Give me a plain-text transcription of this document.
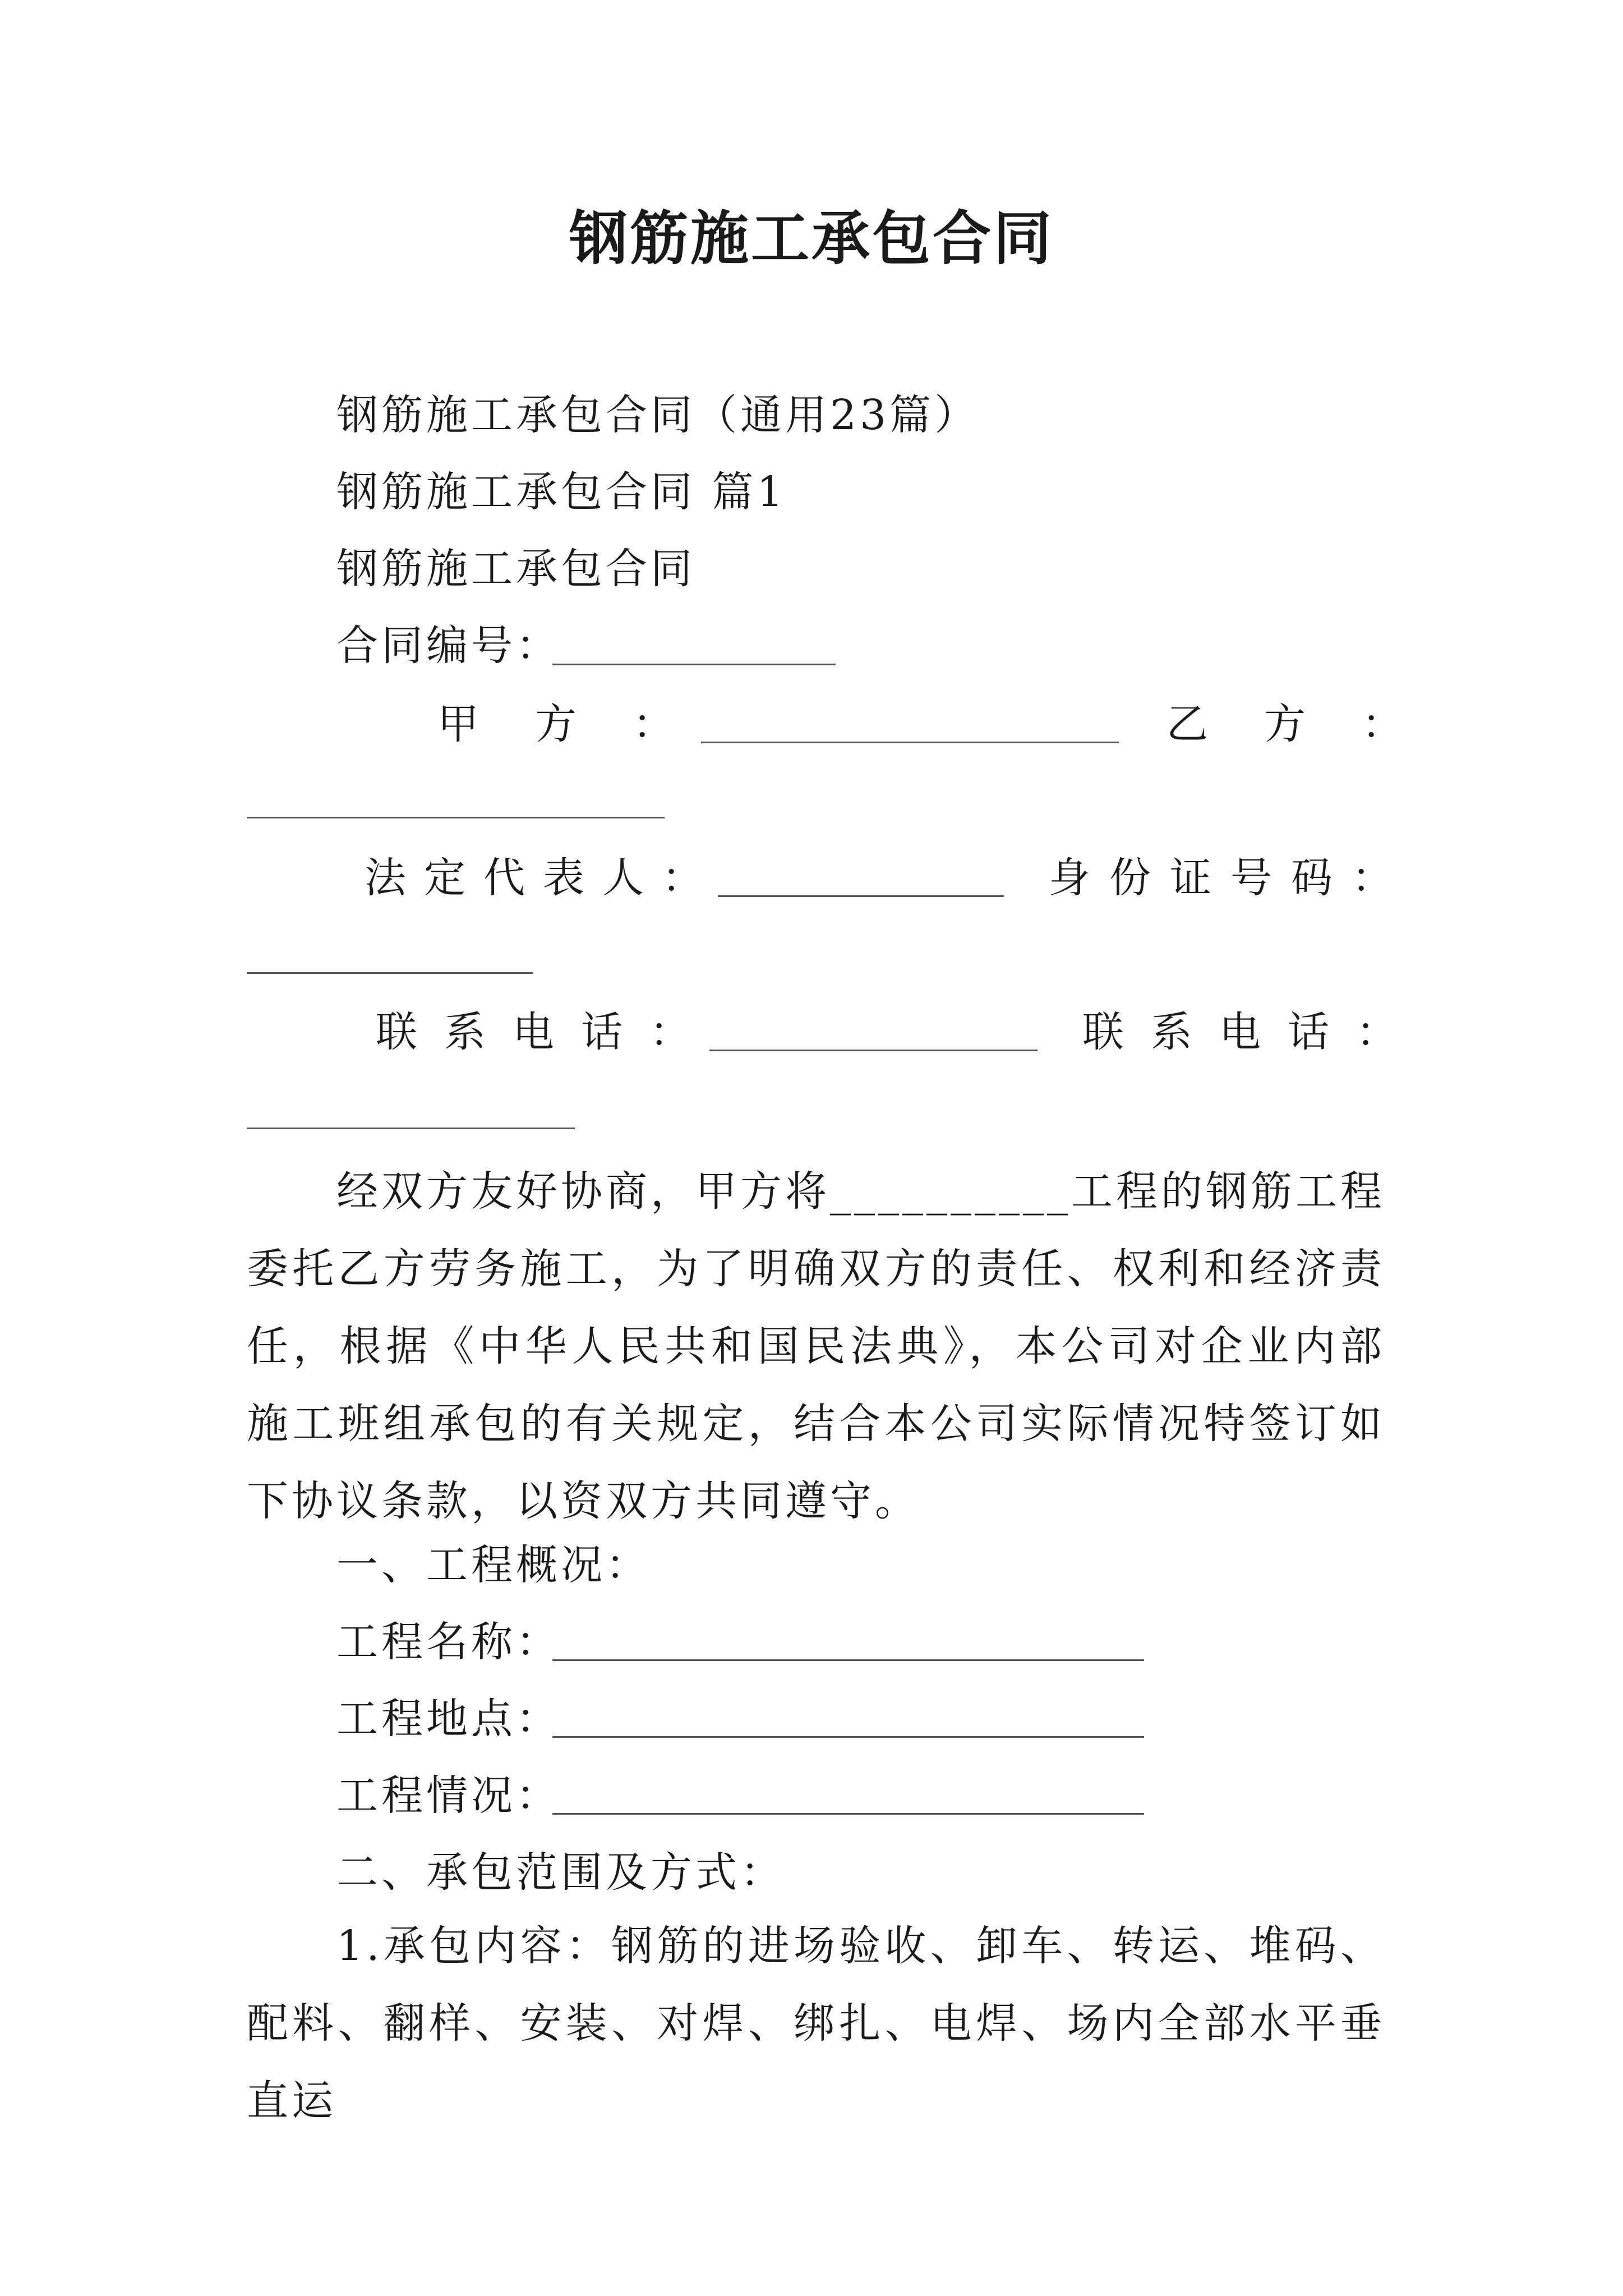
钢筋施工承包合同
钢筋施工承包合同（通用23篇）
钢筋施工承包合同 篇1
钢筋施工承包合同
合同编号：
甲方：	乙方：
法定代表人：	身份证号码：
联系电话：	联系电话：
经双方友好协商，甲方将__________工程的钢筋工程委托乙方劳务施工，为了明确双方的责任、权利和经济责任，根据《中华人民共和国民法典》，本公司对企业内部施工班组承包的有关规定，结合本公司实际情况特签订如下协议条款，以资双方共同遵守。
一、工程概况：
工程名称：
工程地点：
工程情况：
二、承包范围及方式：
1.承包内容：钢筋的进场验收、卸车、转运、堆码、配料、翻样、安装、对焊、绑扎、电焊、场内全部水平垂直运
